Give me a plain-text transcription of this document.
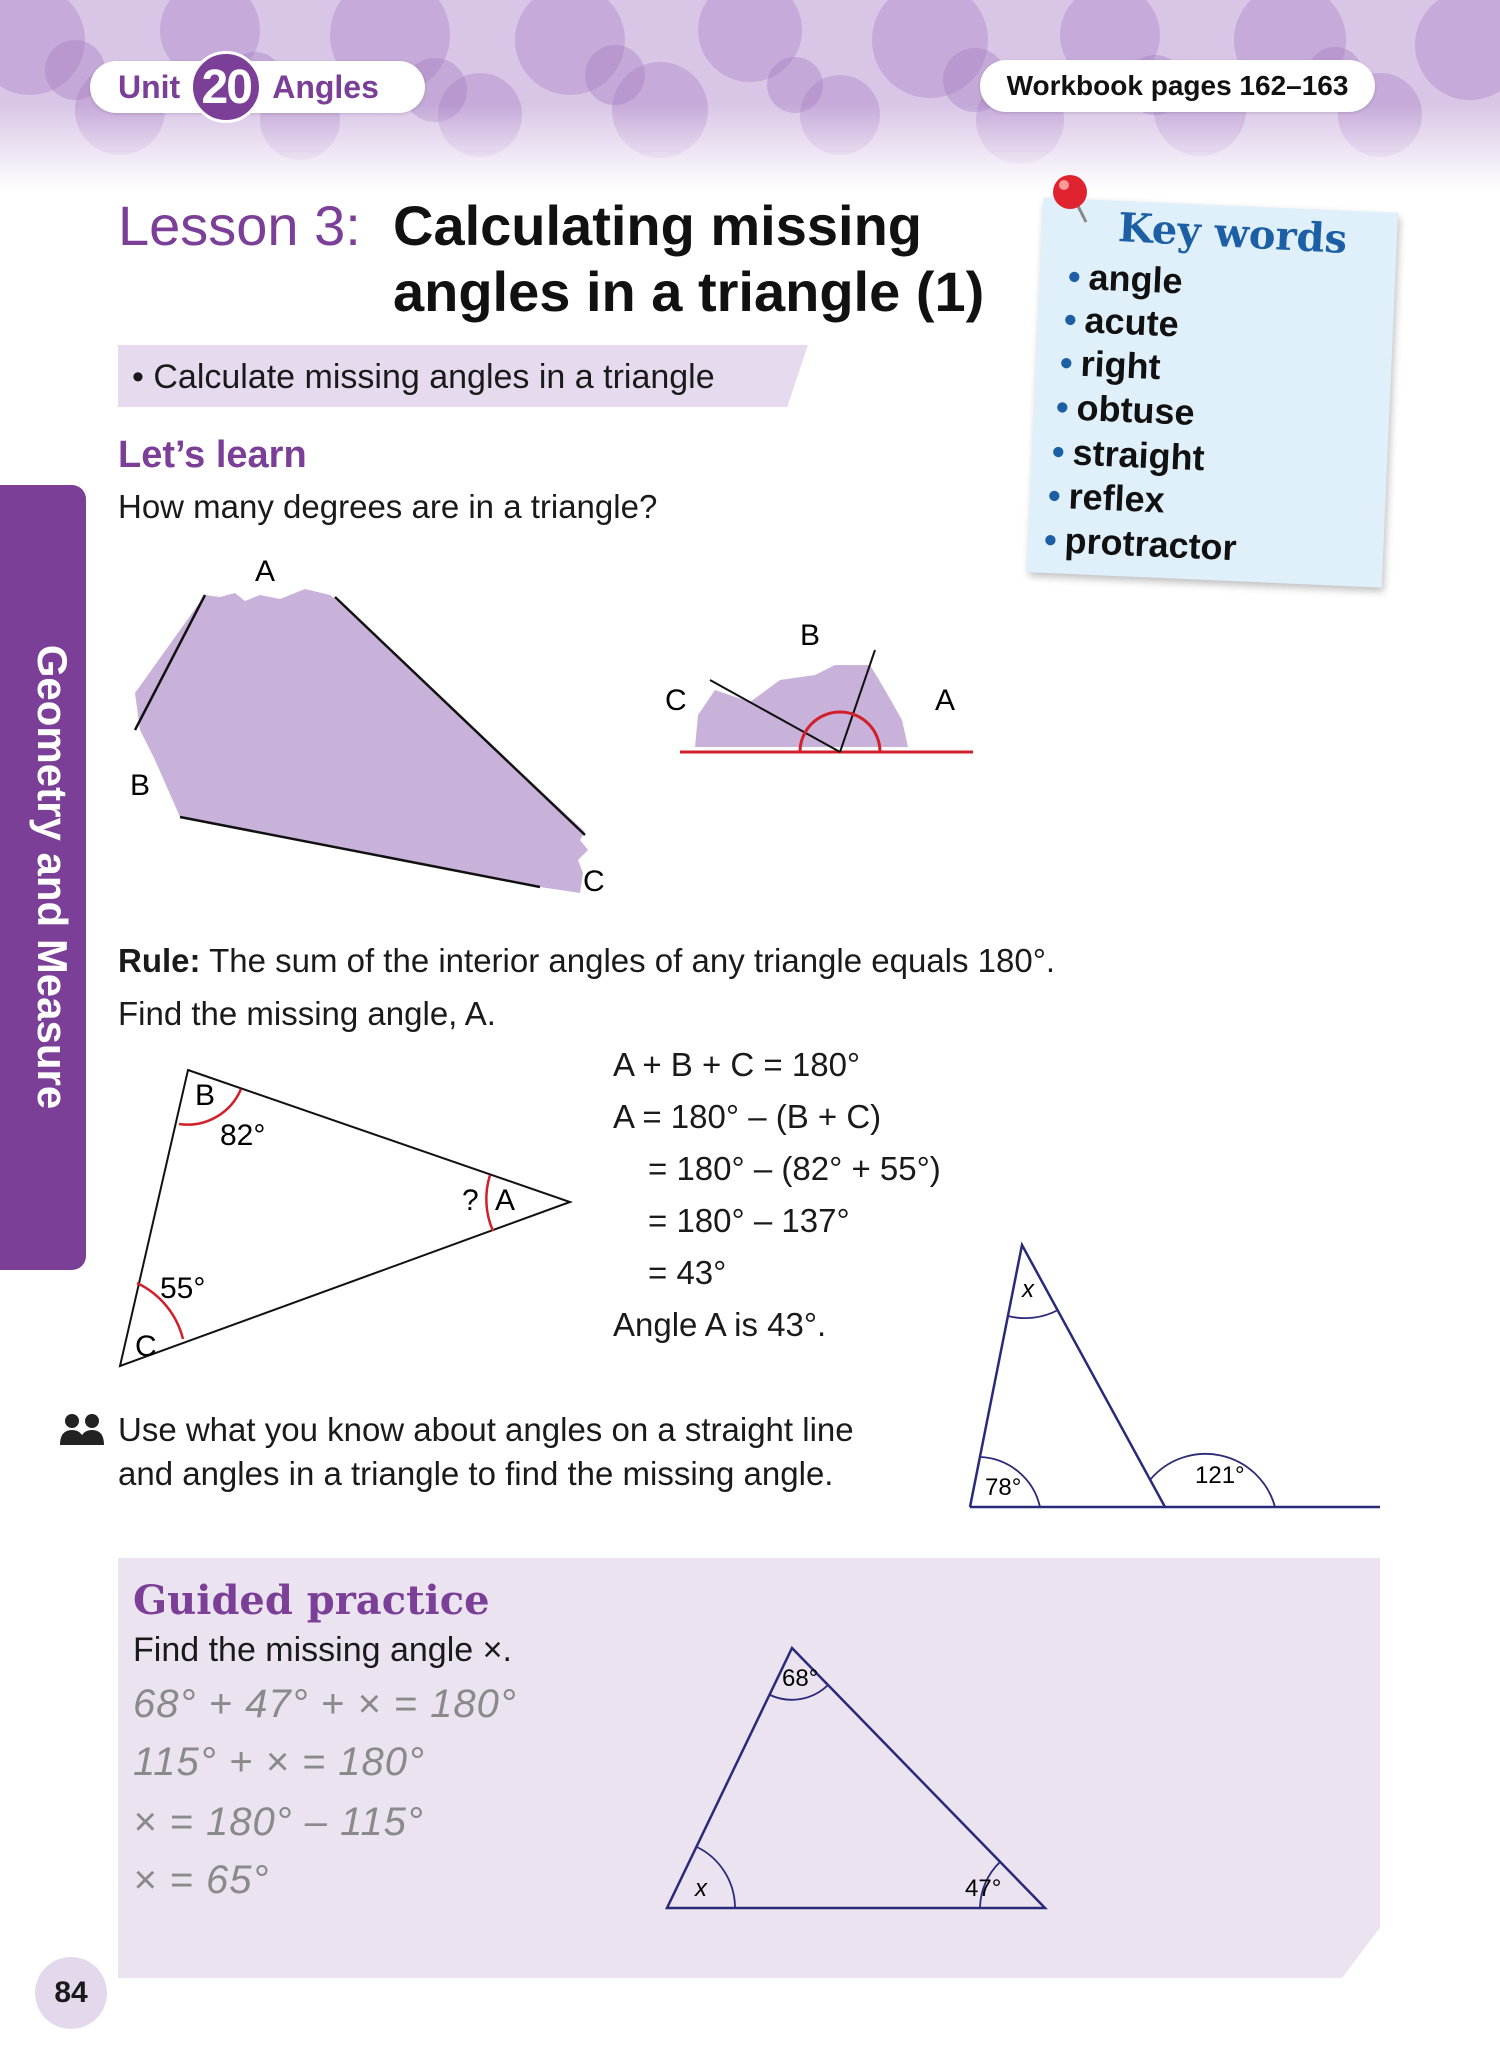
Unit 20 Angles	Workbook pages 162–163
Lesson 3: Calculating missing
angles in a triangle (1)
• Calculate missing angles in a triangle
Key words
• angle
• acute
• right
• obtuse
• straight
• reflex
• protractor
Geometry and Measure
Let’s learn
How many degrees are in a triangle?
A
B
C
C
B
A
Rule: The sum of the interior angles of any triangle equals 180°.
Find the missing angle, A.
B
82°
? A
55°
C
A + B + C = 180°
A = 180° – (B + C)
= 180° – (82° + 55°)
= 180° – 137°
= 43°
Angle A is 43°.
Use what you know about angles on a straight line
and angles in a triangle to find the missing angle.
x
78°	121°
Guided practice
Find the missing angle ×.
68° + 47° + × = 180°
115° + × = 180°
× = 180° – 115°
× = 65°
68°
x	47°
84
